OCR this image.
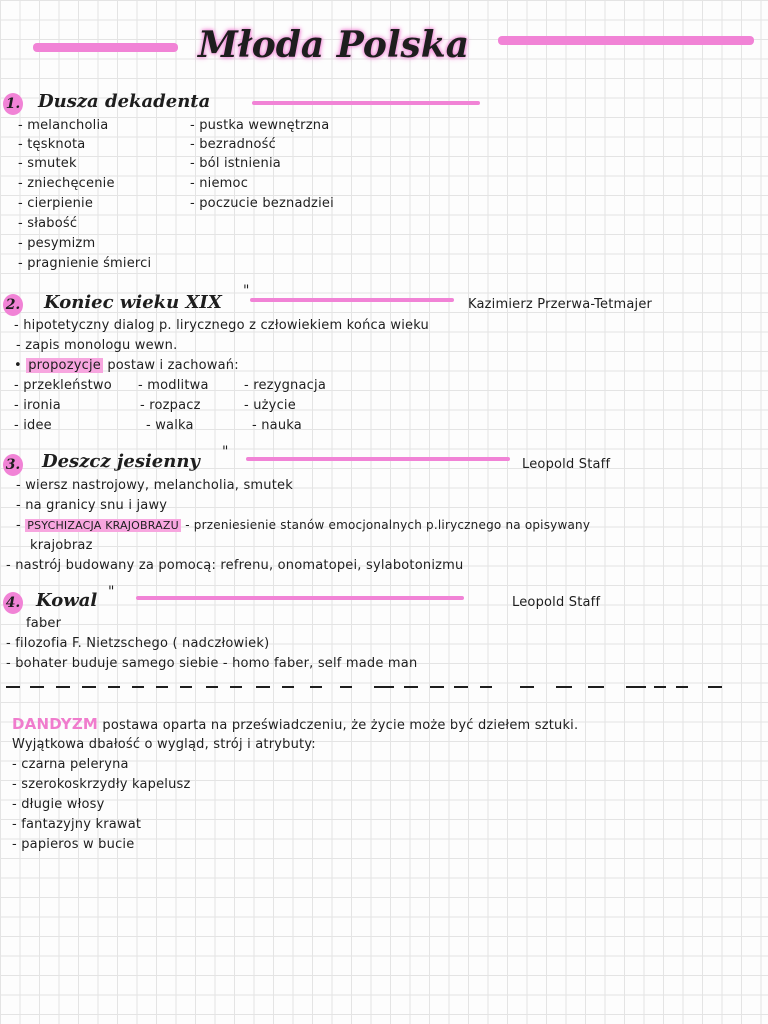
Młoda Polska
1. Dusza dekadenta
- melancholia
- tęsknota
- smutek
- zniechęcenie
- cierpienie
- słabość
- pesymizm
- pragnienie śmierci
- pustka wewnętrzna
- bezradność
- ból istnienia
- niemoc
- poczucie beznadziei
2. Koniec wieku XIX
"
Kazimierz Przerwa-Tetmajer
- hipotetyczny dialog p. lirycznego z człowiekiem końca wieku
- zapis monologu wewn.
• propozycje postaw i zachowań:
- przekleństwo - modlitwa	- rezygnacja
- ironia	- rozpacz	- użycie
- idee	- walka	- nauka
3. Deszcz jesienny "
Leopold Staff
- wiersz nastrojowy, melancholia, smutek
- na granicy snu i jawy
- PSYCHIZACJA KRAJOBRAZU - przeniesienie stanów emocjonalnych p.lirycznego na opisywany
krajobraz
- nastrój budowany za pomocą: refrenu, onomatopei, sylabotonizmu
4. Kowal "
Leopold Staff
faber
- filozofia F. Nietzschego ( nadczłowiek)
- bohater buduje samego siebie - homo faber, self made man
DANDYZM postawa oparta na przeświadczeniu, że życie może być dziełem sztuki.
Wyjątkowa dbałość o wygląd, strój i atrybuty:
- czarna peleryna
- szerokoskrzydły kapelusz
- długie włosy
- fantazyjny krawat
- papieros w bucie
